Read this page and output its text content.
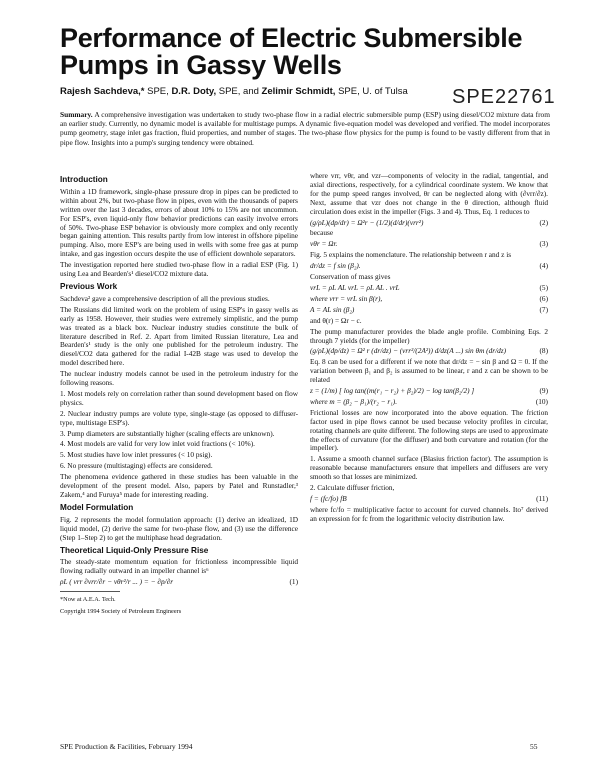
Performance of Electric Submersible Pumps in Gassy Wells
Rajesh Sachdeva,* SPE, D.R. Doty, SPE, and Zelimir Schmidt, SPE, U. of Tulsa SPE22761
Summary. A comprehensive investigation was undertaken to study two-phase flow in a radial electric submersible pump (ESP) using diesel/CO2 mixture data from an earlier study. Currently, no dynamic model is available for multistage pumps. A dynamic five-equation model was developed and verified. The model incorporates pump geometry, stage inlet gas fraction, fluid properties, and number of stages. The two-phase flow physics for the pump is found to be vastly different from that in pipe flow. Insights into a pump's surging tendency were obtained.
Introduction

Within a 1D framework, single-phase pressure drop in pipes can be predicted to within about 2%, but two-phase flow in pipes, even with the thousands of papers written over the last 3 decades, errors of about 10% to 15% are not uncommon. For ESP's, even liquid-only flow behavior predictions can easily involve errors of 50%. Two-phase ESP behavior is obviously more complex and only recently began gaining attention. This results partly from low interest in offshore pipeline pumping. Also, more ESP's are being used in wells with some free gas at pump intake, and gas ingestion occurs despite the use of efficient downhole separators.

The investigation reported here studied two-phase flow in a radial ESP (Fig. 1) using Lea and Bearden's¹ diesel/CO2 mixture data.

Previous Work

Sachdeva² gave a comprehensive description of all the previous studies.

The Russians did limited work on the problem of using ESP's in gassy wells as early as 1958. However, their studies were extremely simplistic, and the pump was treated as a black box. Nuclear industry studies constitute the bulk of literature described in Ref. 2. Apart from limited Russian literature, Lea and Bearden's¹ study is the only one published for the petroleum industry. The diesel/CO2 data gathered for the radial I-42B stage was used to develop the model described here.

The nuclear industry models cannot be used in the petroleum industry for the following reasons.

1. Most models rely on correlation rather than sound development based on flow physics.

2. Nuclear industry pumps are volute type, single-stage (as opposed to diffuser-type, multistage ESP's).

3. Pump diameters are substantially higher (scaling effects are unknown).

4. Most models are valid for very low inlet void fractions (< 10%).

5. Most studies have low inlet pressures (< 10 psig).

6. No pressure (multistaging) effects are considered.

The phenomena evidence gathered in these studies has been valuable in the development of the present model. Also, papers by Patel and Runstadler,³ Zakem,⁴ and Furuya⁵ made for interesting reading.

Model Formulation

Fig. 2 represents the model formulation approach: (1) derive an idealized, 1D liquid model, (2) derive the same for two-phase flow, and (3) use the difference (Step 1–Step 2) to get the multiphase head degradation.

Theoretical Liquid-Only Pressure Rise

The steady-state momentum equation for frictionless incompressible liquid flowing radially outward in an impeller channel is⁶

ρL ( vrr ∂vrr/∂r − vθr²/r ... ) = − ∂p/∂r	(1)
*Now at A.E.A. Tech.
Copyright 1994 Society of Petroleum Engineers

where vrr, vθr, and vzr—components of velocity in the radial, tangential, and axial directions, respectively, for a cylindrical coordinate system. We know that for the pump speed ranges involved, θr can be neglected along with (∂vrr/∂z). Next, assume that vzr does not change in the θ direction, although fluid circulation does exist in the impeller (Figs. 3 and 4). Thus, Eq. 1 reduces to

(g/ρL)(dp/dr) = Ω²r − (1/2)(d/dr)(vrr²)	(2)

because

vθr = Ωr.	(3)

Fig. 5 explains the nomenclature. The relationship between r and z is

dr/dz = f sin (β₂).	(4)

Conservation of mass gives

vrL = ρL AL vrL = ρL AL . vrL	(5)
where vrr = vrL sin β(r),	(6)
A = AL sin (β₂)	(7)

and θ(r) = Ωr − c.

The pump manufacturer provides the blade angle profile. Combining Eqs. 2 through 7 yields (for the impeller)

(g/ρL)(dp/dz) = Ω² r (dr/dz) − (vrr²/(2A²)) d/dz(A ...) sin θm (dr/dz)	(8)

Eq. 8 can be used for a different if we note that dr/dz = − sin β and Ω = 0. If the variation between β₁ and β₂ is assumed to be linear, r and z can be shown to be related

z = (1/m) [ log tan((m(r₁ − r₂) + β₂)/2) − log tan(β₂/2) ]	(9)
where m = (β₂ − β₁)/(r₂ − r₁).	(10)

Frictional losses are now incorporated into the above equation. The friction factor used in pipe flows cannot be used because velocity profiles in circular, rotating channels are quite different. The following steps are used to approximate the effects of curvature (for the diffuser) and both curvature and rotation (for the impeller).

1. Assume a smooth channel surface (Blasius friction factor). The assumption is reasonable because manufacturers ensure that impellers and diffusers are very smooth so that losses are minimized.

2. Calculate diffuser friction,

f = (fc/fo) fB	(11)

where fc/fo = multiplicative factor to account for curved channels. Ito⁷ derived an expression for fc from the logarithmic velocity distribution law.

SPE Production & Facilities, February 1994	55
